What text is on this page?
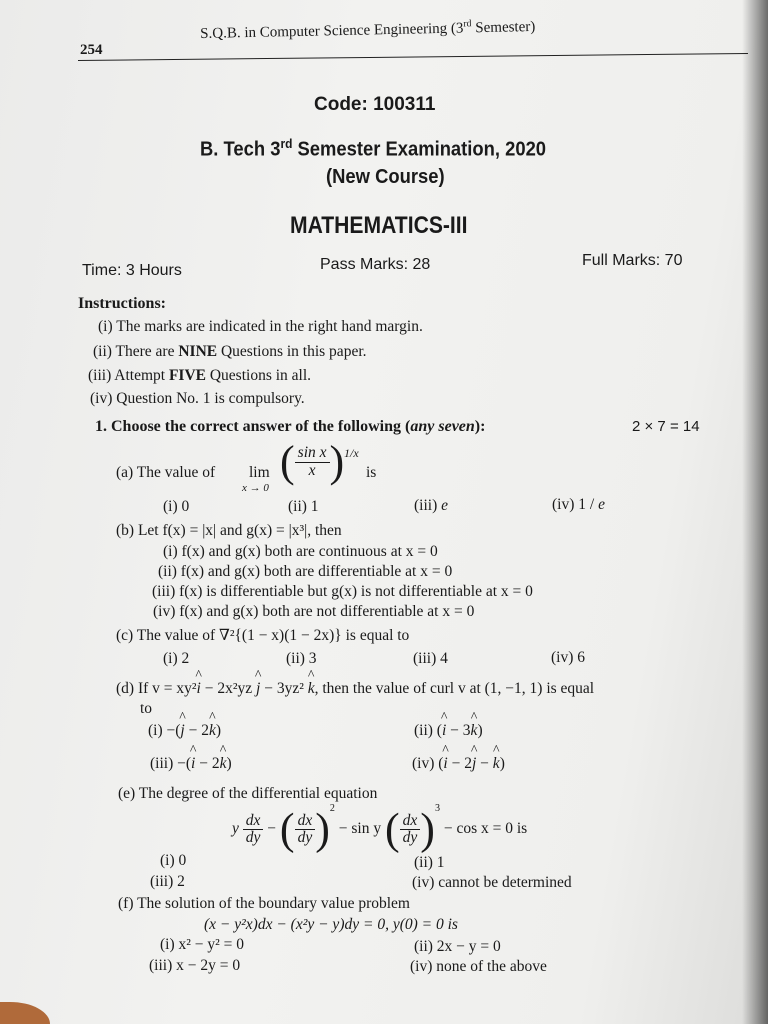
254
S.Q.B. in Computer Science Engineering (3rd Semester)
Code: 100311
B. Tech 3rd Semester Examination, 2020
(New Course)
MATHEMATICS-III
Time: 3 Hours	Pass Marks: 28	Full Marks: 70
Instructions:
(i) The marks are indicated in the right hand margin.
(ii) There are NINE Questions in this paper.
(iii) Attempt FIVE Questions in all.
(iv) Question No. 1 is compulsory.
1. Choose the correct answer of the following (any seven):	2 × 7 = 14
(a) The value of lim
x → 0
( $\frac{\text{sin x}}{x}$ ) 1/x
is
(i) 0	(ii) 1	(iii) e	(iv) 1 / e
(b) Let f(x) = |x| and g(x) = |x³|, then
(i) f(x) and g(x) both are continuous at x = 0
(ii) f(x) and g(x) both are differentiable at x = 0
(iii) f(x) is differentiable but g(x) is not differentiable at x = 0
(iv) f(x) and g(x) both are not differentiable at x = 0
(c) The value of ∇²{(1 − x)(1 − 2x)} is equal to
(i) 2	(ii) 3	(iii) 4	(iv) 6
(d) If v = xy²^ i − 2x²yz ^ j − 3yz² ^ k, then the value of curl v at (1, −1, 1) is equal
to
(i) −(^ j − 2^ k)	(ii) (^ i − 3^ k)
(iii) −(^ i − 2^ k)	(iv) (^ i − 2^ j − ^ k)
(e) The degree of the differential equation
y $\frac{dx}{dy}$ − ( $\frac{dx}{dy} )^2 - \sin y$ ( $\frac{dx}{dy} )^3 - \cos x = 0$ is
(i) 0	(ii) 1
(iii) 2	(iv) cannot be determined
(f) The solution of the boundary value problem
(x − y²x)dx − (x²y − y)dy = 0, y(0) = 0 is
(i) x² − y² = 0	(ii) 2x − y = 0
(iii) x − 2y = 0	(iv) none of the above
